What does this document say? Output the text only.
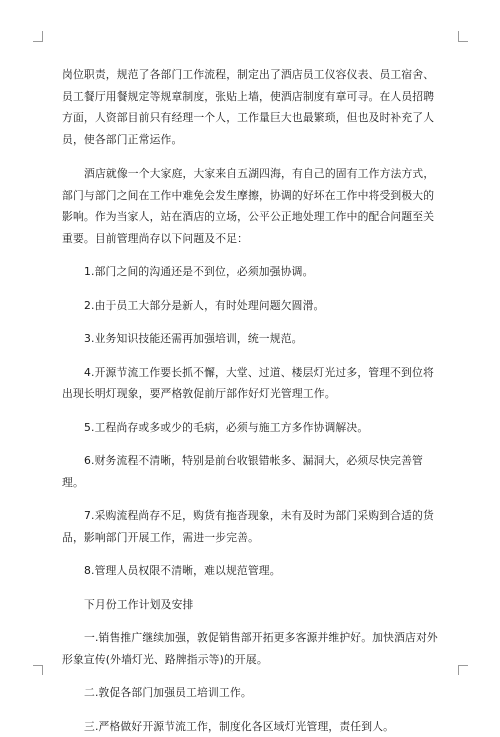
岗位职责，规范了各部门工作流程，制定出了酒店员工仪容仪表、员工宿舍、员工餐厅用餐规定等规章制度，张贴上墙，使酒店制度有章可寻。在人员招聘方面，人资部目前只有经理一个人，工作量巨大也最繁琐，但也及时补充了人员，使各部门正常运作。

酒店就像一个大家庭，大家来自五湖四海，有自己的固有工作方法方式，部门与部门之间在工作中难免会发生摩擦，协调的好坏在工作中将受到极大的影响。作为当家人，站在酒店的立场，公平公正地处理工作中的配合问题至关重要。目前管理尚存以下问题及不足：

1.部门之间的沟通还是不到位，必须加强协调。

2.由于员工大部分是新人，有时处理问题欠圆滑。

3.业务知识技能还需再加强培训，统一规范。

4.开源节流工作要长抓不懈，大堂、过道、楼层灯光过多，管理不到位将出现长明灯现象，要严格敦促前厅部作好灯光管理工作。

5.工程尚存或多或少的毛病，必须与施工方多作协调解决。

6.财务流程不清晰，特别是前台收银错帐多、漏洞大，必须尽快完善管理。

7.采购流程尚存不足，购货有拖沓现象，未有及时为部门采购到合适的货品，影响部门开展工作，需进一步完善。

8.管理人员权限不清晰，难以规范管理。

下月份工作计划及安排

一.销售推广继续加强，敦促销售部开拓更多客源并维护好。加快酒店对外形象宣传(外墙灯光、路牌指示等)的开展。

二.敦促各部门加强员工培训工作。

三.严格做好开源节流工作，制度化各区域灯光管理，责任到人。
